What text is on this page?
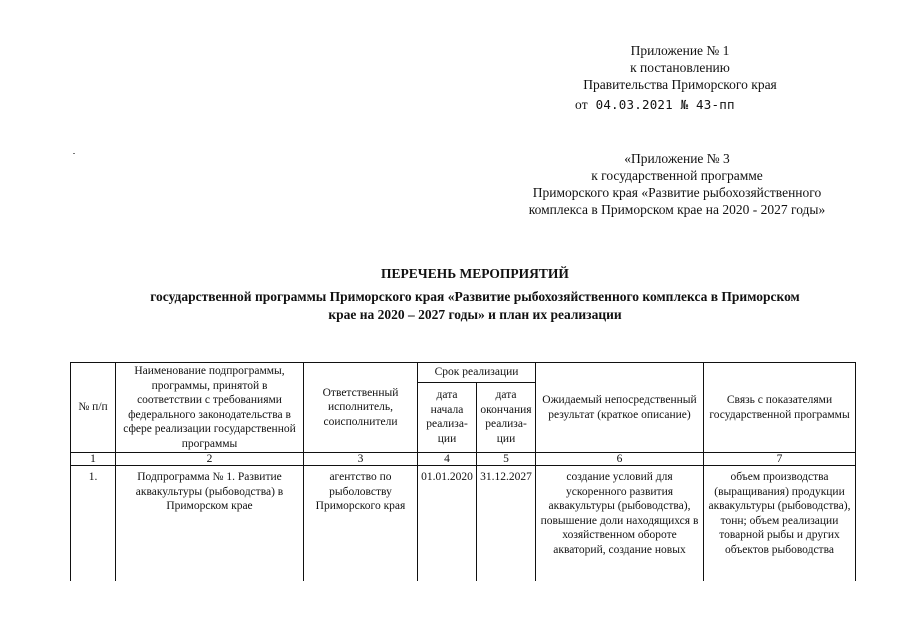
Приложение № 1
к постановлению
Правительства Приморского края
от 04.03.2021 № 43-пп
«Приложение № 3
к государственной программе
Приморского края «Развитие рыбохозяйственного
комплекса в Приморском крае на 2020 - 2027 годы»
ПЕРЕЧЕНЬ МЕРОПРИЯТИЙ
государственной программы Приморского края «Развитие рыбохозяйственного комплекса в Приморском
крае на 2020 – 2027 годы» и план их реализации
№ п/п	Наименование подпрограммы, программы, принятой в соответствии с требованиями федерального законодательства в сфере реализации государственной программы	Ответственный исполнитель, соисполнители	Срок реализации		Ожидаемый непосредственный результат (краткое описание)	Связь с показателями государственной программы
			дата начала реализа-ции	дата окончания реализа-ции		
1	2	3	4	5	6	7
1.	Подпрограмма № 1. Развитие аквакультуры (рыбоводства) в Приморском крае	агентство по рыболовству Приморского края	01.01.2020	31.12.2027	создание условий для ускоренного развития аквакультуры (рыбоводства), повышение доли находящихся в хозяйственном обороте акваторий, создание новых	объем производства (выращивания) продукции аквакультуры (рыбоводства), тонн; объем реализации товарной рыбы и других объектов рыбоводства
